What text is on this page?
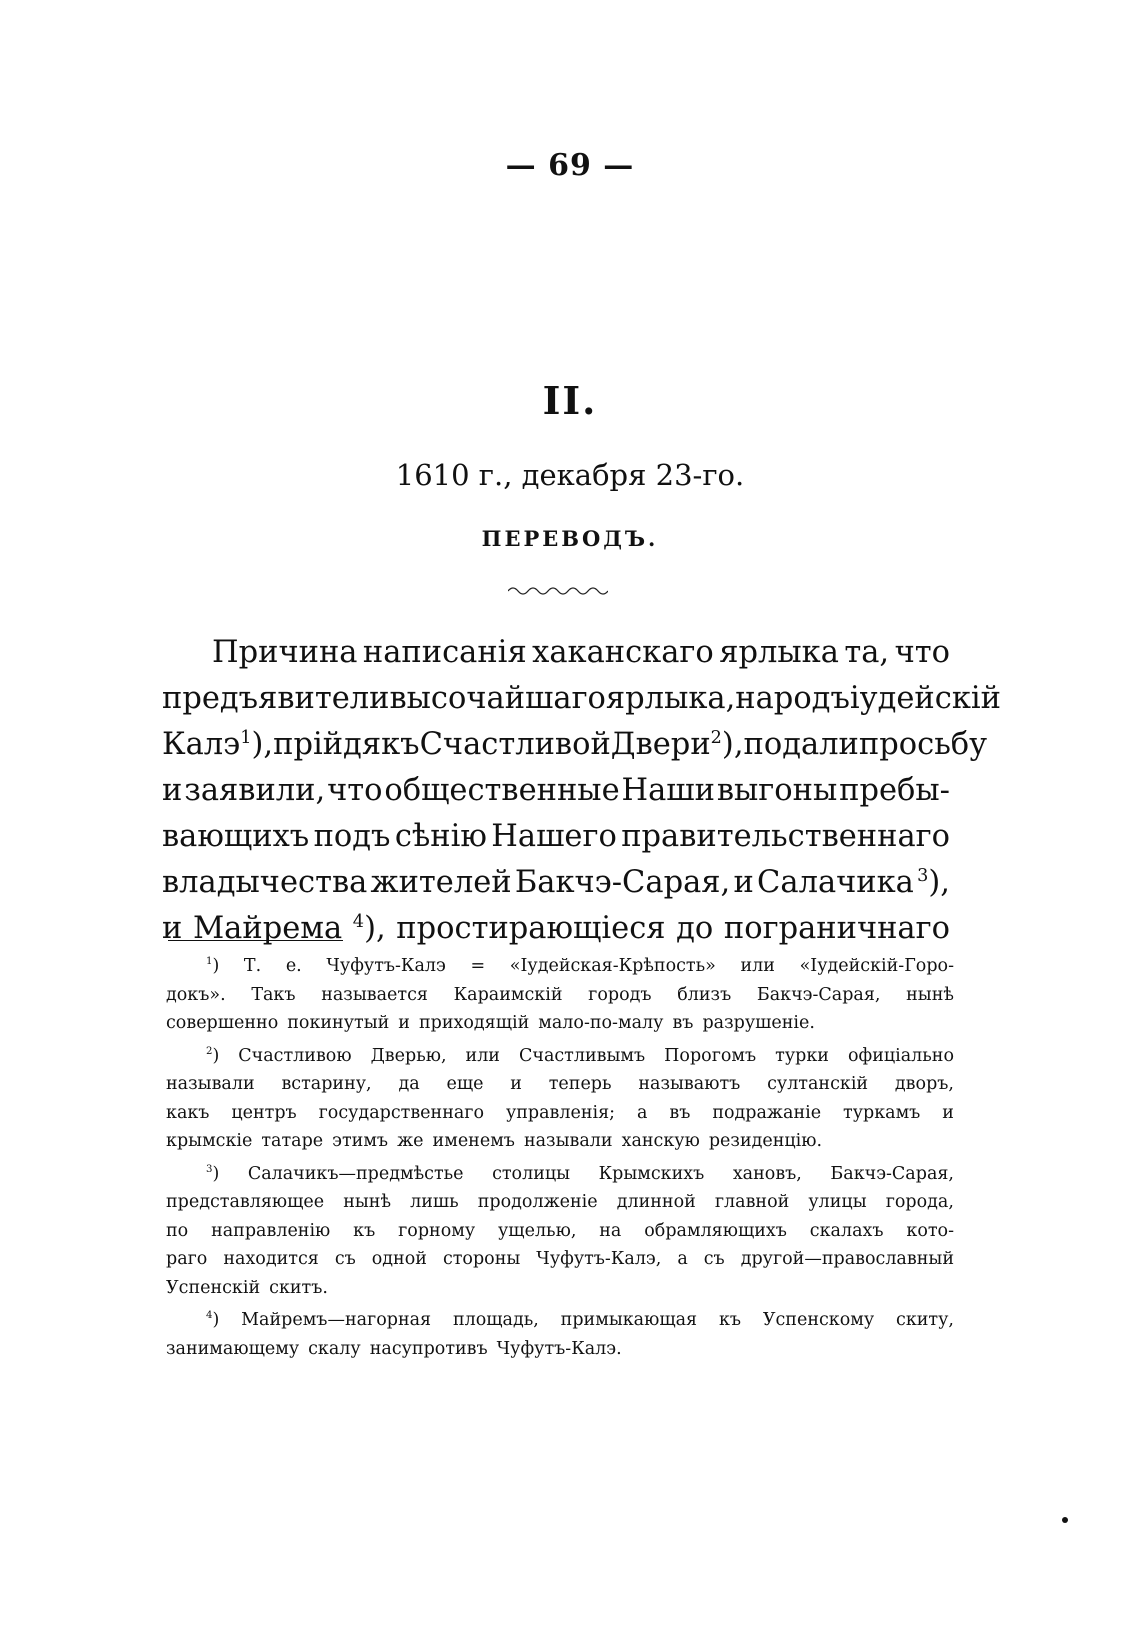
— 69 —
II.
1610 г., декабря 23-го.
ПЕРЕВОДЪ.
Причина написанія хаканскаго ярлыка та, что
предъявители высочайшаго ярлыка, народъ іудейскій
Калэ $^1$), прійдя къ Счастливой Двери $^2$), подали просьбу
и заявили, что общественные Наши выгоны пребы-
вающихъ подъ сѣнію Нашего правительственнаго
владычества жителей Бакчэ-Сарая, и Салачика $^3$),
и Майрема $^4$), простирающіеся до пограничнаго
$^1$) Т. е. Чуфутъ-Калэ = «Іудейская-Крѣпость» или «Іудейскій-Горо-
докъ». Такъ называется Караимскій городъ близъ Бакчэ-Сарая, нынѣ
совершенно покинутый и приходящій мало-по-малу въ разрушеніе.
$^2$) Счастливою Дверью, или Счастливымъ Порогомъ турки офиціально
называли встарину, да еще и теперь называютъ султанскій дворъ,
какъ центръ государственнаго управленія; а въ подражаніе туркамъ и
крымскіе татаре этимъ же именемъ называли ханскую резиденцію.
$^3$) Салачикъ—предмѣстье столицы Крымскихъ хановъ, Бакчэ-Сарая,
представляющее нынѣ лишь продолженіе длинной главной улицы города,
по направленію къ горному ущелью, на обрамляющихъ скалахъ кото-
раго находится съ одной стороны Чуфутъ-Калэ, а съ другой—православный
Успенскій скитъ.
$^4$) Майремъ—нагорная площадь, примыкающая къ Успенскому скиту,
занимающему скалу насупротивъ Чуфутъ-Калэ.
